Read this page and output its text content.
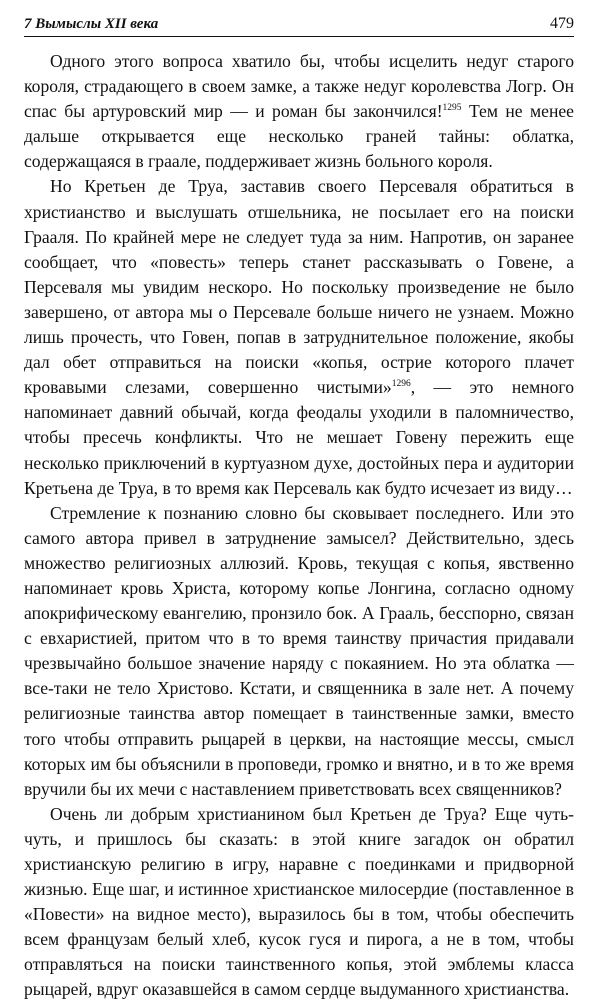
7 Вымыслы XII века	479

Одного этого вопроса хватило бы, чтобы исцелить недуг старого короля, страдающего в своем замке, а также недуг королевства Логр. Он спас бы артуровский мир — и роман бы закончился!$^{1295}$ Тем не менее дальше открывается еще несколько граней тайны: облатка, содержащаяся в граале, поддерживает жизнь больного короля.

Но Кретьен де Труа, заставив своего Персеваля обратиться в христианство и выслушать отшельника, не посылает его на поиски Грааля. По крайней мере не следует туда за ним. Напротив, он заранее сообщает, что «повесть» теперь станет рассказывать о Говене, а Персеваля мы увидим нескоро. Но поскольку произведение не было завершено, от автора мы о Персевале больше ничего не узнаем. Можно лишь прочесть, что Говен, попав в затруднительное положение, якобы дал обет отправиться на поиски «копья, острие которого плачет кровавыми слезами, совершенно чистыми»$^{1296}$, — это немного напоминает давний обычай, когда феодалы уходили в паломничество, чтобы пресечь конфликты. Что не мешает Говену пережить еще несколько приключений в куртуазном духе, достойных пера и аудитории Кретьена де Труа, в то время как Персеваль как будто исчезает из виду…

Стремление к познанию словно бы сковывает последнего. Или это самого автора привел в затруднение замысел? Действительно, здесь множество религиозных аллюзий. Кровь, текущая с копья, явственно напоминает кровь Христа, которому копье Лонгина, согласно одному апокрифическому евангелию, пронзило бок. А Грааль, бесспорно, связан с евхаристией, притом что в то время таинству причастия придавали чрезвычайно большое значение наряду с покаянием. Но эта облатка — все-таки не тело Христово. Кстати, и священника в зале нет. А почему религиозные таинства автор помещает в таинственные замки, вместо того чтобы отправить рыцарей в церкви, на настоящие мессы, смысл которых им бы объяснили в проповеди, громко и внятно, и в то же время вручили бы их мечи с наставлением приветствовать всех священников?

Очень ли добрым христианином был Кретьен де Труа? Еще чуть-чуть, и пришлось бы сказать: в этой книге загадок он обратил христианскую религию в игру, наравне с поединками и придворной жизнью. Еще шаг, и истинное христианское милосердие (поставленное в «Повести» на видное место), выразилось бы в том, чтобы обеспечить всем французам белый хлеб, кусок гуся и пирога, а не в том, чтобы отправляться на поиски таинственного копья, этой эмблемы класса рыцарей, вдруг оказавшейся в самом сердце выдуманного христианства.
